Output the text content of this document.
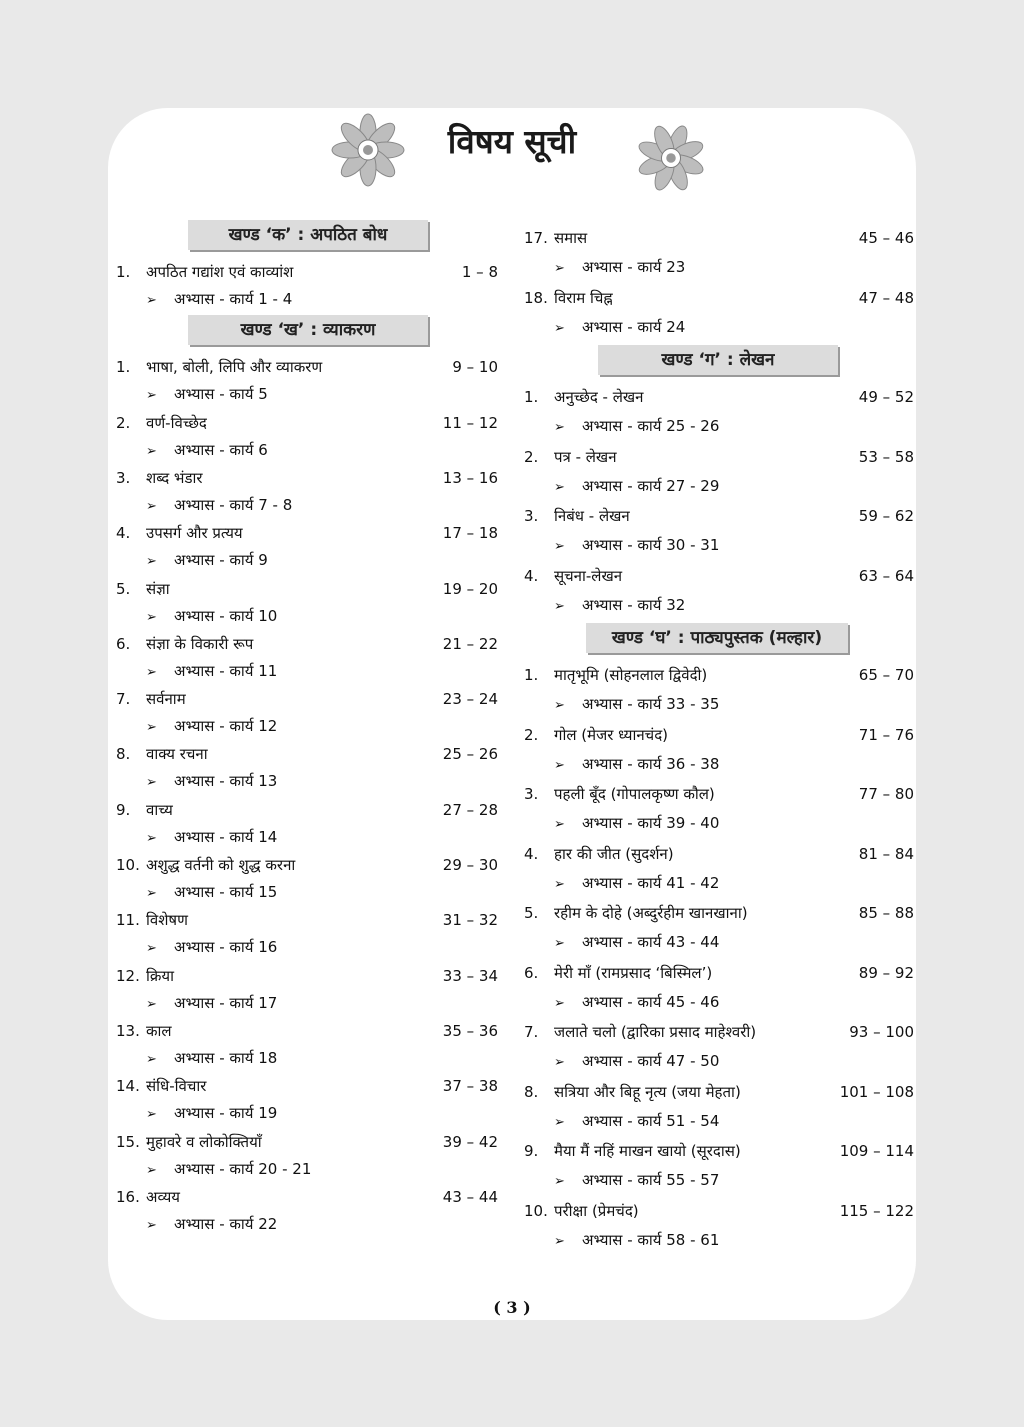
विषय सूची
खण्ड ‘क’ : अपठित बोध
1. अपठित गद्यांश एवं काव्यांश	1 – 8
➢ अभ्यास - कार्य 1 - 4
खण्ड ‘ख’ : व्याकरण
1. भाषा, बोली, लिपि और व्याकरण	9 – 10
➢ अभ्यास - कार्य 5
2. वर्ण-विच्छेद	11 – 12
➢ अभ्यास - कार्य 6
3. शब्द भंडार	13 – 16
➢ अभ्यास - कार्य 7 - 8
4. उपसर्ग और प्रत्यय	17 – 18
➢ अभ्यास - कार्य 9
5. संज्ञा	19 – 20
➢ अभ्यास - कार्य 10
6. संज्ञा के विकारी रूप	21 – 22
➢ अभ्यास - कार्य 11
7. सर्वनाम	23 – 24
➢ अभ्यास - कार्य 12
8. वाक्य रचना	25 – 26
➢ अभ्यास - कार्य 13
9. वाच्य	27 – 28
➢ अभ्यास - कार्य 14
10. अशुद्ध वर्तनी को शुद्ध करना	29 – 30
➢ अभ्यास - कार्य 15
11. विशेषण	31 – 32
➢ अभ्यास - कार्य 16
12. क्रिया	33 – 34
➢ अभ्यास - कार्य 17
13. काल	35 – 36
➢ अभ्यास - कार्य 18
14. संधि-विचार	37 – 38
➢ अभ्यास - कार्य 19
15. मुहावरे व लोकोक्तियाँ	39 – 42
➢ अभ्यास - कार्य 20 - 21
16. अव्यय	43 – 44
➢ अभ्यास - कार्य 22
17. समास	45 – 46
➢ अभ्यास - कार्य 23
18. विराम चिह्न	47 – 48
➢ अभ्यास - कार्य 24
खण्ड ‘ग’ : लेखन
1. अनुच्छेद - लेखन	49 – 52
➢ अभ्यास - कार्य 25 - 26
2. पत्र - लेखन	53 – 58
➢ अभ्यास - कार्य 27 - 29
3. निबंध - लेखन	59 – 62
➢ अभ्यास - कार्य 30 - 31
4. सूचना-लेखन	63 – 64
➢ अभ्यास - कार्य 32
खण्ड ‘घ’ : पाठ्यपुस्तक (मल्हार)
1. मातृभूमि (सोहनलाल द्विवेदी)	65 – 70
➢ अभ्यास - कार्य 33 - 35
2. गोल (मेजर ध्यानचंद)	71 – 76
➢ अभ्यास - कार्य 36 - 38
3. पहली बूँद (गोपालकृष्ण कौल)	77 – 80
➢ अभ्यास - कार्य 39 - 40
4. हार की जीत (सुदर्शन)	81 – 84
➢ अभ्यास - कार्य 41 - 42
5. रहीम के दोहे (अब्दुर्रहीम खानखाना)	85 – 88
➢ अभ्यास - कार्य 43 - 44
6. मेरी माँ (रामप्रसाद ‘बिस्मिल’)	89 – 92
➢ अभ्यास - कार्य 45 - 46
7. जलाते चलो (द्वारिका प्रसाद माहेश्वरी)	93 – 100
➢ अभ्यास - कार्य 47 - 50
8. सत्रिया और बिहू नृत्य (जया मेहता)	101 – 108
➢ अभ्यास - कार्य 51 - 54
9. मैया मैं नहिं माखन खायो (सूरदास)	109 – 114
➢ अभ्यास - कार्य 55 - 57
10. परीक्षा (प्रेमचंद)	115 – 122
➢ अभ्यास - कार्य 58 - 61
( 3 )
